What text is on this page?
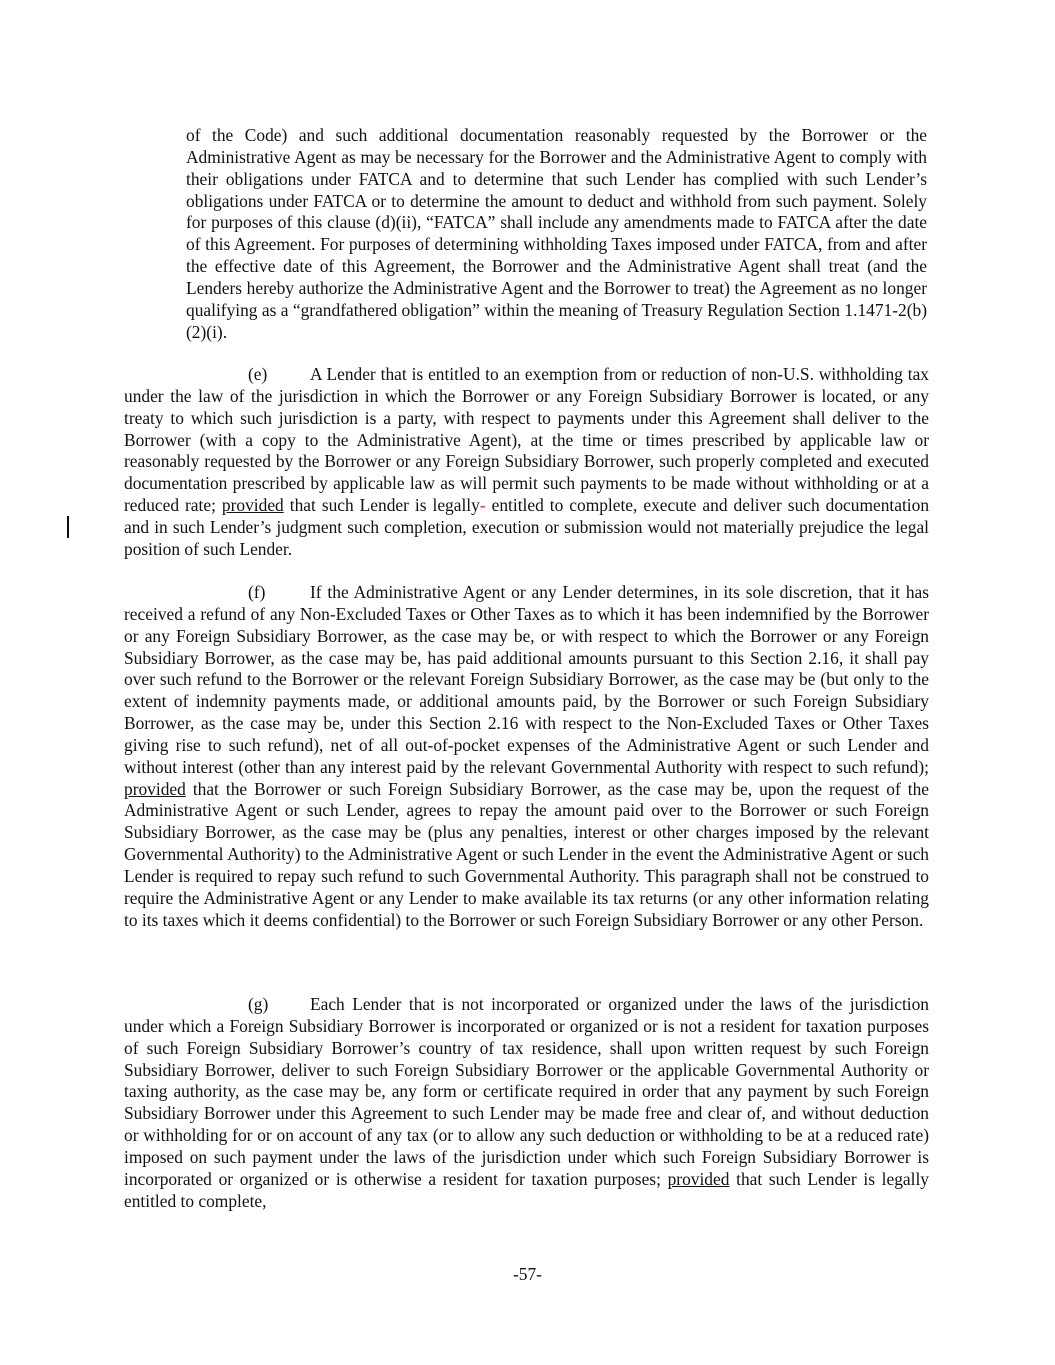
of the Code) and such additional documentation reasonably requested by the Borrower or the Administrative Agent as may be necessary for the Borrower and the Administrative Agent to comply with their obligations under FATCA and to determine that such Lender has complied with such Lender’s obligations under FATCA or to determine the amount to deduct and withhold from such payment. Solely for purposes of this clause (d)(ii), “FATCA” shall include any amendments made to FATCA after the date of this Agreement. For purposes of determining withholding Taxes imposed under FATCA, from and after the effective date of this Agreement, the Borrower and the Administrative Agent shall treat (and the Lenders hereby authorize the Administrative Agent and the Borrower to treat) the Agreement as no longer qualifying as a “grandfathered obligation” within the meaning of Treasury Regulation Section 1.1471-2(b)(2)(i).
(e) A Lender that is entitled to an exemption from or reduction of non-U.S. withholding tax under the law of the jurisdiction in which the Borrower or any Foreign Subsidiary Borrower is located, or any treaty to which such jurisdiction is a party, with respect to payments under this Agreement shall deliver to the Borrower (with a copy to the Administrative Agent), at the time or times prescribed by applicable law or reasonably requested by the Borrower or any Foreign Subsidiary Borrower, such properly completed and executed documentation prescribed by applicable law as will permit such payments to be made without withholding or at a reduced rate; provided that such Lender is legally- entitled to complete, execute and deliver such documentation and in such Lender’s judgment such completion, execution or submission would not materially prejudice the legal position of such Lender.
(f)	If the Administrative Agent or any Lender determines, in its sole discretion, that it has received a refund of any Non-Excluded Taxes or Other Taxes as to which it has been indemnified by the Borrower or any Foreign Subsidiary Borrower, as the case may be, or with respect to which the Borrower or any Foreign Subsidiary Borrower, as the case may be, has paid additional amounts pursuant to this Section 2.16, it shall pay over such refund to the Borrower or the relevant Foreign Subsidiary Borrower, as the case may be (but only to the extent of indemnity payments made, or additional amounts paid, by the Borrower or such Foreign Subsidiary Borrower, as the case may be, under this Section 2.16 with respect to the Non-Excluded Taxes or Other Taxes giving rise to such refund), net of all out-of-pocket expenses of the Administrative Agent or such Lender and without interest (other than any interest paid by the relevant Governmental Authority with respect to such refund); provided that the Borrower or such Foreign Subsidiary Borrower, as the case may be, upon the request of the Administrative Agent or such Lender, agrees to repay the amount paid over to the Borrower or such Foreign Subsidiary Borrower, as the case may be (plus any penalties, interest or other charges imposed by the relevant Governmental Authority) to the Administrative Agent or such Lender in the event the Administrative Agent or such Lender is required to repay such refund to such Governmental Authority. This paragraph shall not be construed to require the Administrative Agent or any Lender to make available its tax returns (or any other information relating to its taxes which it deems confidential) to the Borrower or such Foreign Subsidiary Borrower or any other Person.
(g) Each Lender that is not incorporated or organized under the laws of the jurisdiction under which a Foreign Subsidiary Borrower is incorporated or organized or is not a resident for taxation purposes of such Foreign Subsidiary Borrower’s country of tax residence, shall upon written request by such Foreign Subsidiary Borrower, deliver to such Foreign Subsidiary Borrower or the applicable Governmental Authority or taxing authority, as the case may be, any form or certificate required in order that any payment by such Foreign Subsidiary Borrower under this Agreement to such Lender may be made free and clear of, and without deduction or withholding for or on account of any tax (or to allow any such deduction or withholding to be at a reduced rate) imposed on such payment under the laws of the jurisdiction under which such Foreign Subsidiary Borrower is incorporated or organized or is otherwise a resident for taxation purposes; provided that such Lender is legally entitled to complete,
-57-
